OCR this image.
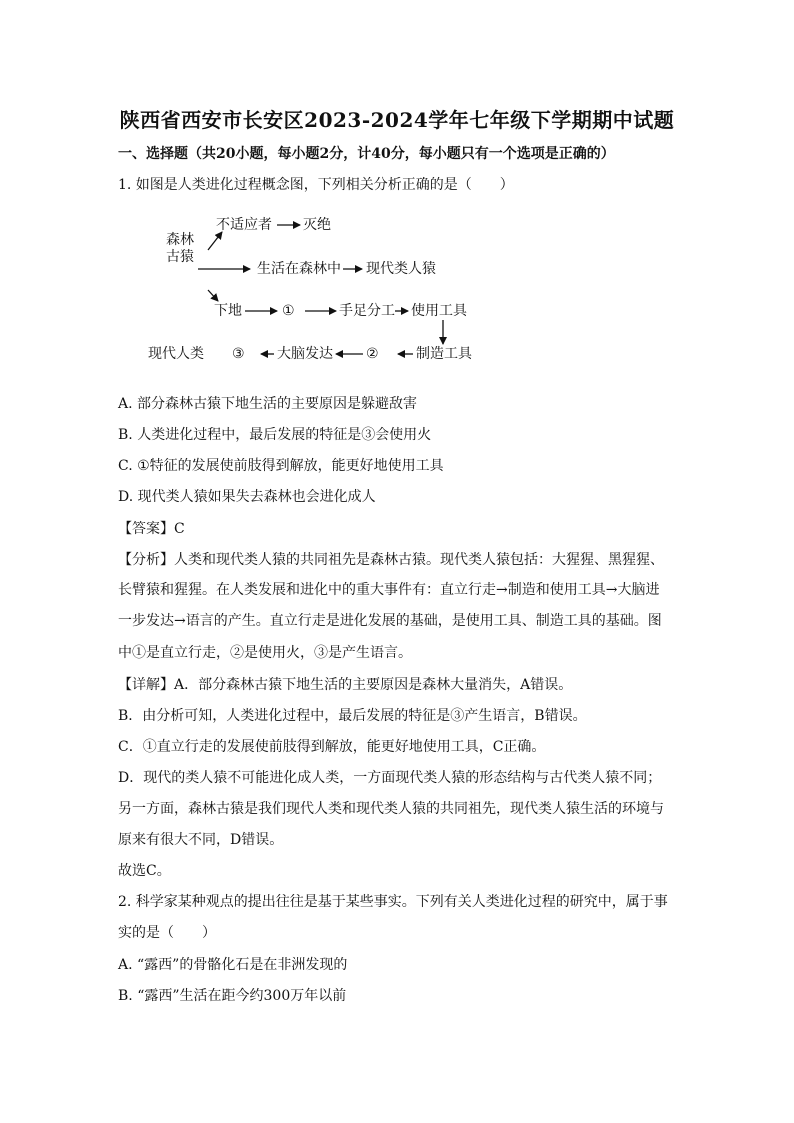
陕西省西安市长安区2023-2024学年七年级下学期期中试题
一、选择题（共20小题，每小题2分，计40分，每小题只有一个选项是正确的）
1. 如图是人类进化过程概念图，下列相关分析正确的是（　　）
森林
古猿
不适应者 灭绝
生活在森林中 现代类人猿
下地	①	手足分工 使用工具
制造工具
②
大脑发达
③
现代人类
A. 部分森林古猿下地生活的主要原因是躲避敌害
B. 人类进化过程中，最后发展的特征是③会使用火
C. ①特征的发展使前肢得到解放，能更好地使用工具
D. 现代类人猿如果失去森林也会进化成人
【答案】C
【分析】人类和现代类人猿的共同祖先是森林古猿。现代类人猿包括：大猩猩、黑猩猩、
长臂猿和猩猩。在人类发展和进化中的重大事件有：直立行走→制造和使用工具→大脑进
一步发达→语言的产生。直立行走是进化发展的基础，是使用工具、制造工具的基础。图
中①是直立行走，②是使用火，③是产生语言。
【详解】A．部分森林古猿下地生活的主要原因是森林大量消失，A错误。
B．由分析可知，人类进化过程中，最后发展的特征是③产生语言，B错误。
C．①直立行走的发展使前肢得到解放，能更好地使用工具，C正确。
D．现代的类人猿不可能进化成人类，一方面现代类人猿的形态结构与古代类人猿不同；
另一方面，森林古猿是我们现代人类和现代类人猿的共同祖先，现代类人猿生活的环境与
原来有很大不同，D错误。
故选C。
2. 科学家某种观点的提出往往是基于某些事实。下列有关人类进化过程的研究中，属于事
实的是（　　）
A. “露西”的骨骼化石是在非洲发现的
B. “露西”生活在距今约300万年以前
